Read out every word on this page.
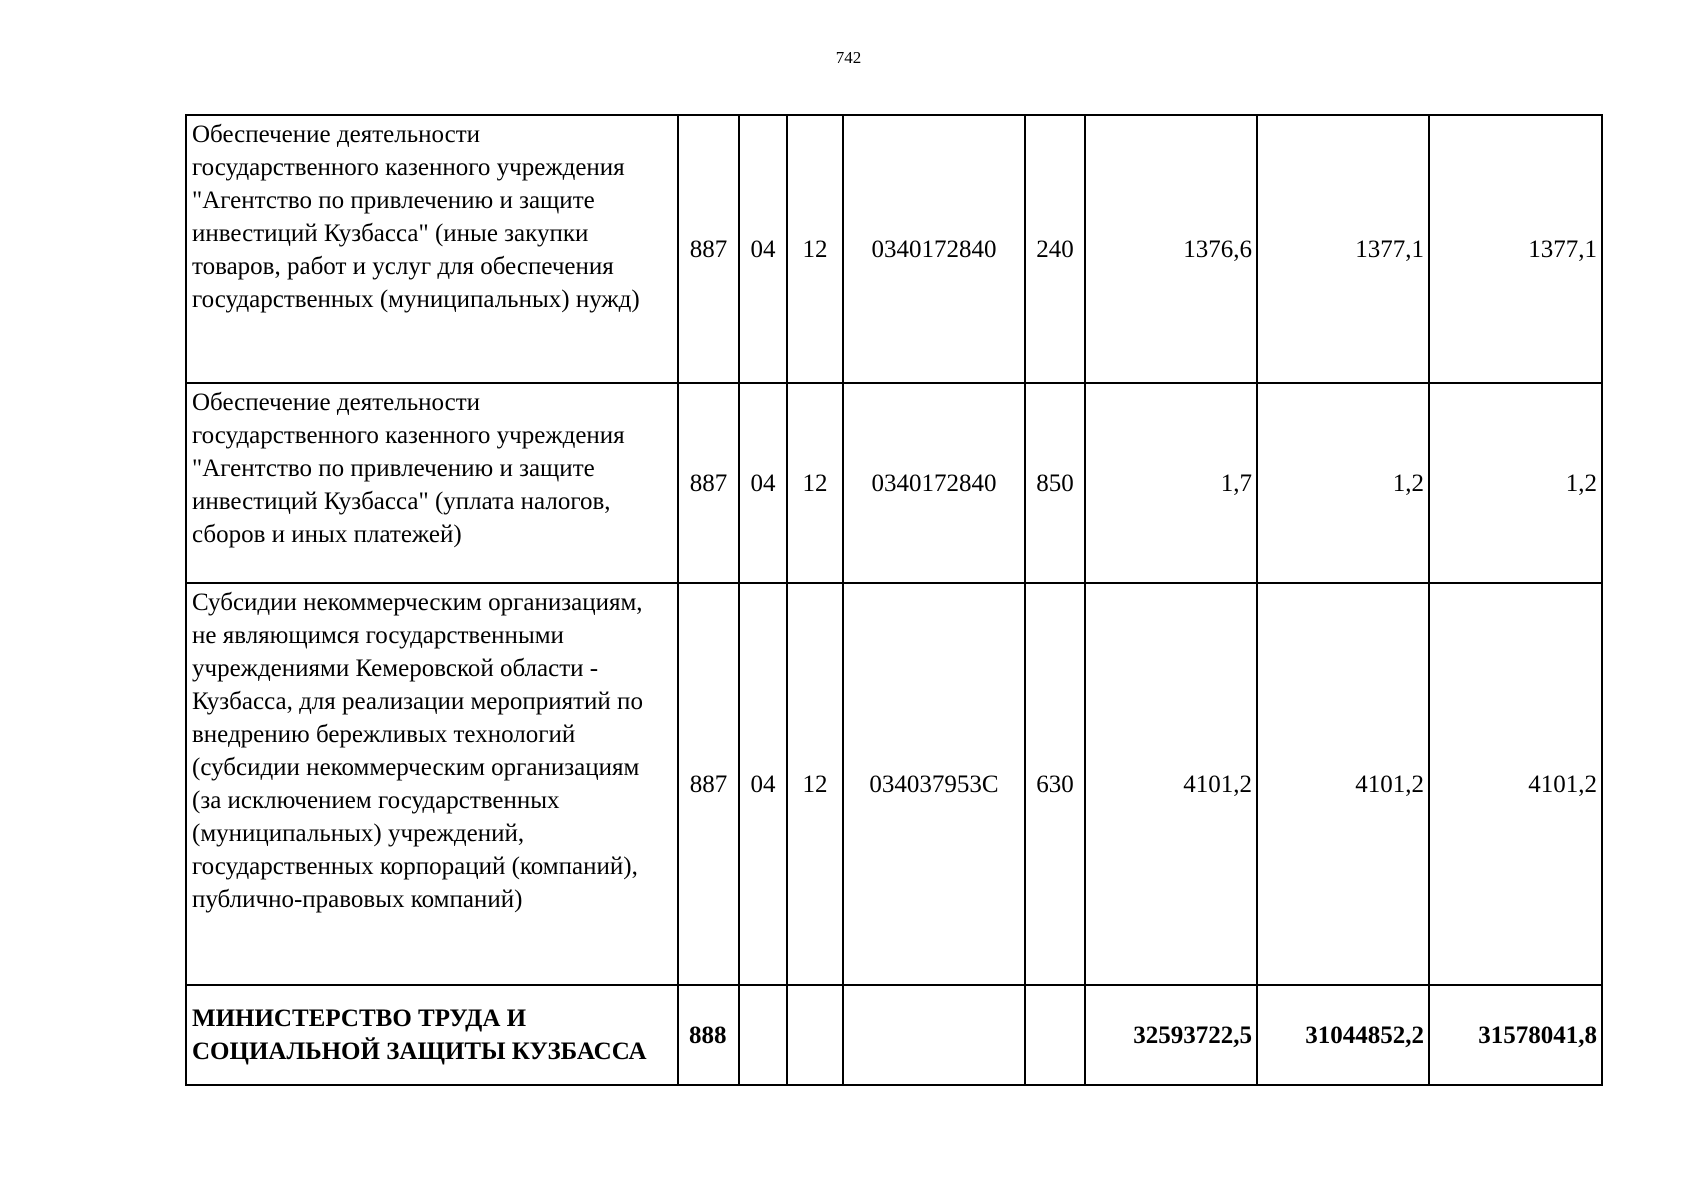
742
Обеспечение деятельности государственного казенного учреждения "Агентство по привлечению и защите инвестиций Кузбасса" (иные закупки товаров, работ и услуг для обеспечения государственных (муниципальных) нужд)	887	04	12	0340172840	240	1376,6	1377,1	1377,1
Обеспечение деятельности государственного казенного учреждения "Агентство по привлечению и защите инвестиций Кузбасса" (уплата налогов, сборов и иных платежей)	887	04	12	0340172840	850	1,7	1,2	1,2
Субсидии некоммерческим организациям, не являющимся государственными учреждениями Кемеровской области - Кузбасса, для реализации мероприятий по внедрению бережливых технологий (субсидии некоммерческим организациям (за исключением государственных (муниципальных) учреждений, государственных корпораций (компаний), публично-правовых компаний)	887	04	12	034037953С	630	4101,2	4101,2	4101,2
МИНИСТЕРСТВО ТРУДА И СОЦИАЛЬНОЙ ЗАЩИТЫ КУЗБАССА	888					32593722,5	31044852,2	31578041,8
